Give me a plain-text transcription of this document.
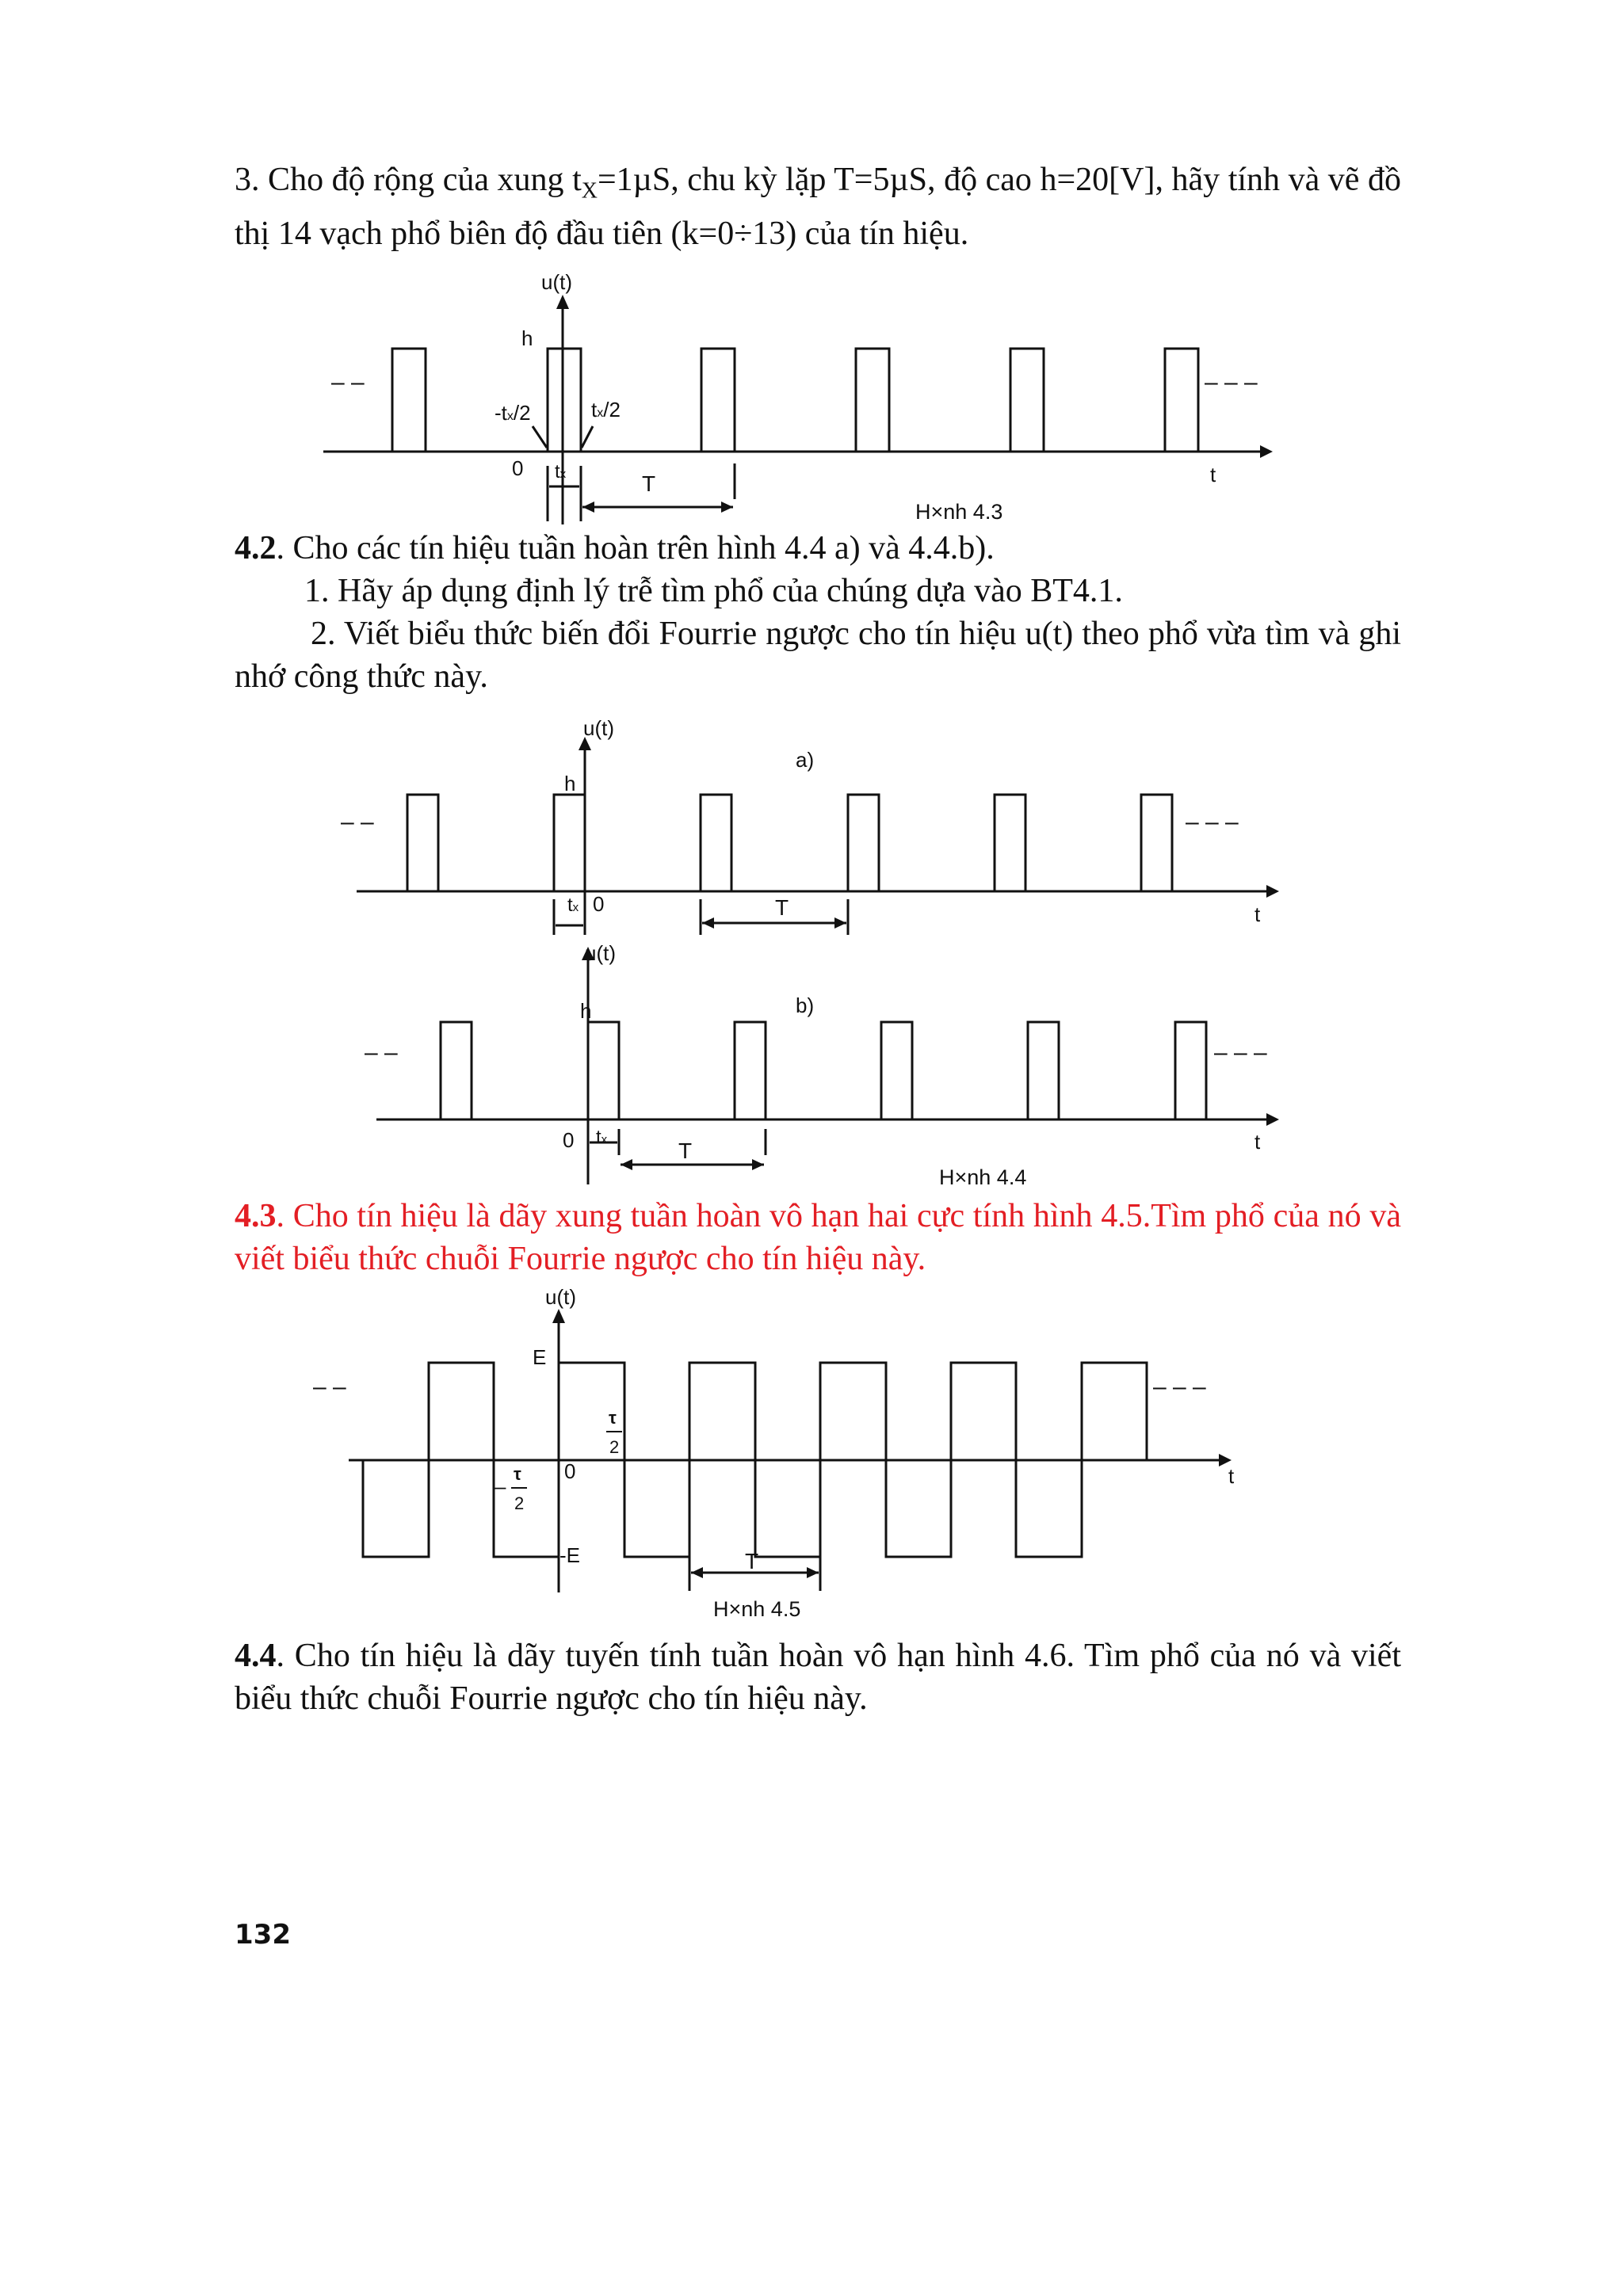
3. Cho độ rộng của xung $t_X=1\mu S$, chu kỳ lặp T=5µS, độ cao h=20[V], hãy tính và vẽ đồ thị 14 vạch phổ biên độ đầu tiên (k=0÷13) của tín hiệu.

u(t)
h
– –	– – –
-tx/2	tx/2
0 tx	T	t
H×nh 4.3

4.2. Cho các tín hiệu tuần hoàn trên hình 4.4 a) và 4.4.b).

1. Hãy áp dụng định lý trễ tìm phổ của chúng dựa vào BT4.1.

2. Viết biểu thức biến đổi Fourrie ngược cho tín hiệu u(t) theo phổ vừa tìm và ghi nhớ công thức này.

u(t)
a)
h
– –	– – –
tx 0	T	t
u(t)
b)
h
– –	– – –
0 tx	T	t
H×nh 4.4

4.3. Cho tín hiệu là dãy xung tuần hoàn vô hạn hai cực tính hình 4.5.Tìm phổ của nó và viết biểu thức chuỗi Fourrie ngược cho tín hiệu này.

u(t)
E
-E
0
– –	– – –
τ
2
–
τ
2
T
t
H×nh 4.5

4.4. Cho tín hiệu là dãy tuyến tính tuần hoàn vô hạn hình 4.6. Tìm phổ của nó và viết biểu thức chuỗi Fourrie ngược cho tín hiệu này.

132
